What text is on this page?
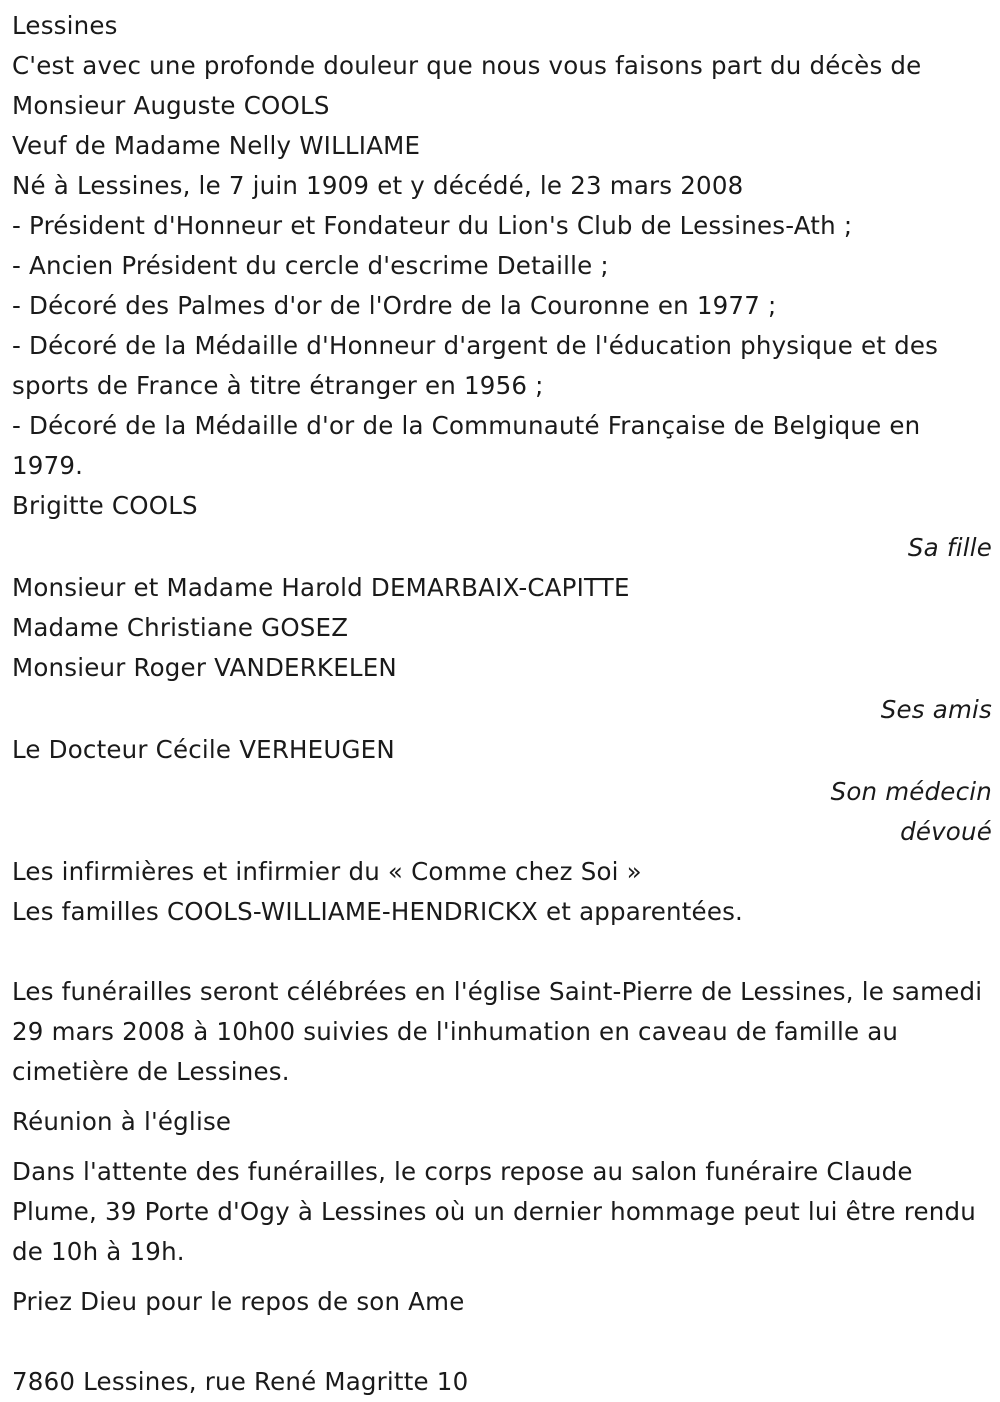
Lessines
C'est avec une profonde douleur que nous vous faisons part du décès de
Monsieur Auguste COOLS
Veuf de Madame Nelly WILLIAME
Né à Lessines, le 7 juin 1909 et y décédé, le 23 mars 2008
- Président d'Honneur et Fondateur du Lion's Club de Lessines-Ath ;
- Ancien Président du cercle d'escrime Detaille ;
- Décoré des Palmes d'or de l'Ordre de la Couronne en 1977 ;
- Décoré de la Médaille d'Honneur d'argent de l'éducation physique et des sports de France à titre étranger en 1956 ;
- Décoré de la Médaille d'or de la Communauté Française de Belgique en 1979.
Brigitte COOLS
Sa fille
Monsieur et Madame Harold DEMARBAIX-CAPITTE
Madame Christiane GOSEZ
Monsieur Roger VANDERKELEN
Ses amis
Le Docteur Cécile VERHEUGEN
Son médecin
dévoué
Les infirmières et infirmier du « Comme chez Soi »
Les familles COOLS-WILLIAME-HENDRICKX et apparentées.
Les funérailles seront célébrées en l'église Saint-Pierre de Lessines, le samedi 29 mars 2008 à 10h00 suivies de l'inhumation en caveau de famille au cimetière de Lessines.
Réunion à l'église
Dans l'attente des funérailles, le corps repose au salon funéraire Claude Plume, 39 Porte d'Ogy à Lessines où un dernier hommage peut lui être rendu de 10h à 19h.
Priez Dieu pour le repos de son Ame
7860 Lessines, rue René Magritte 10
